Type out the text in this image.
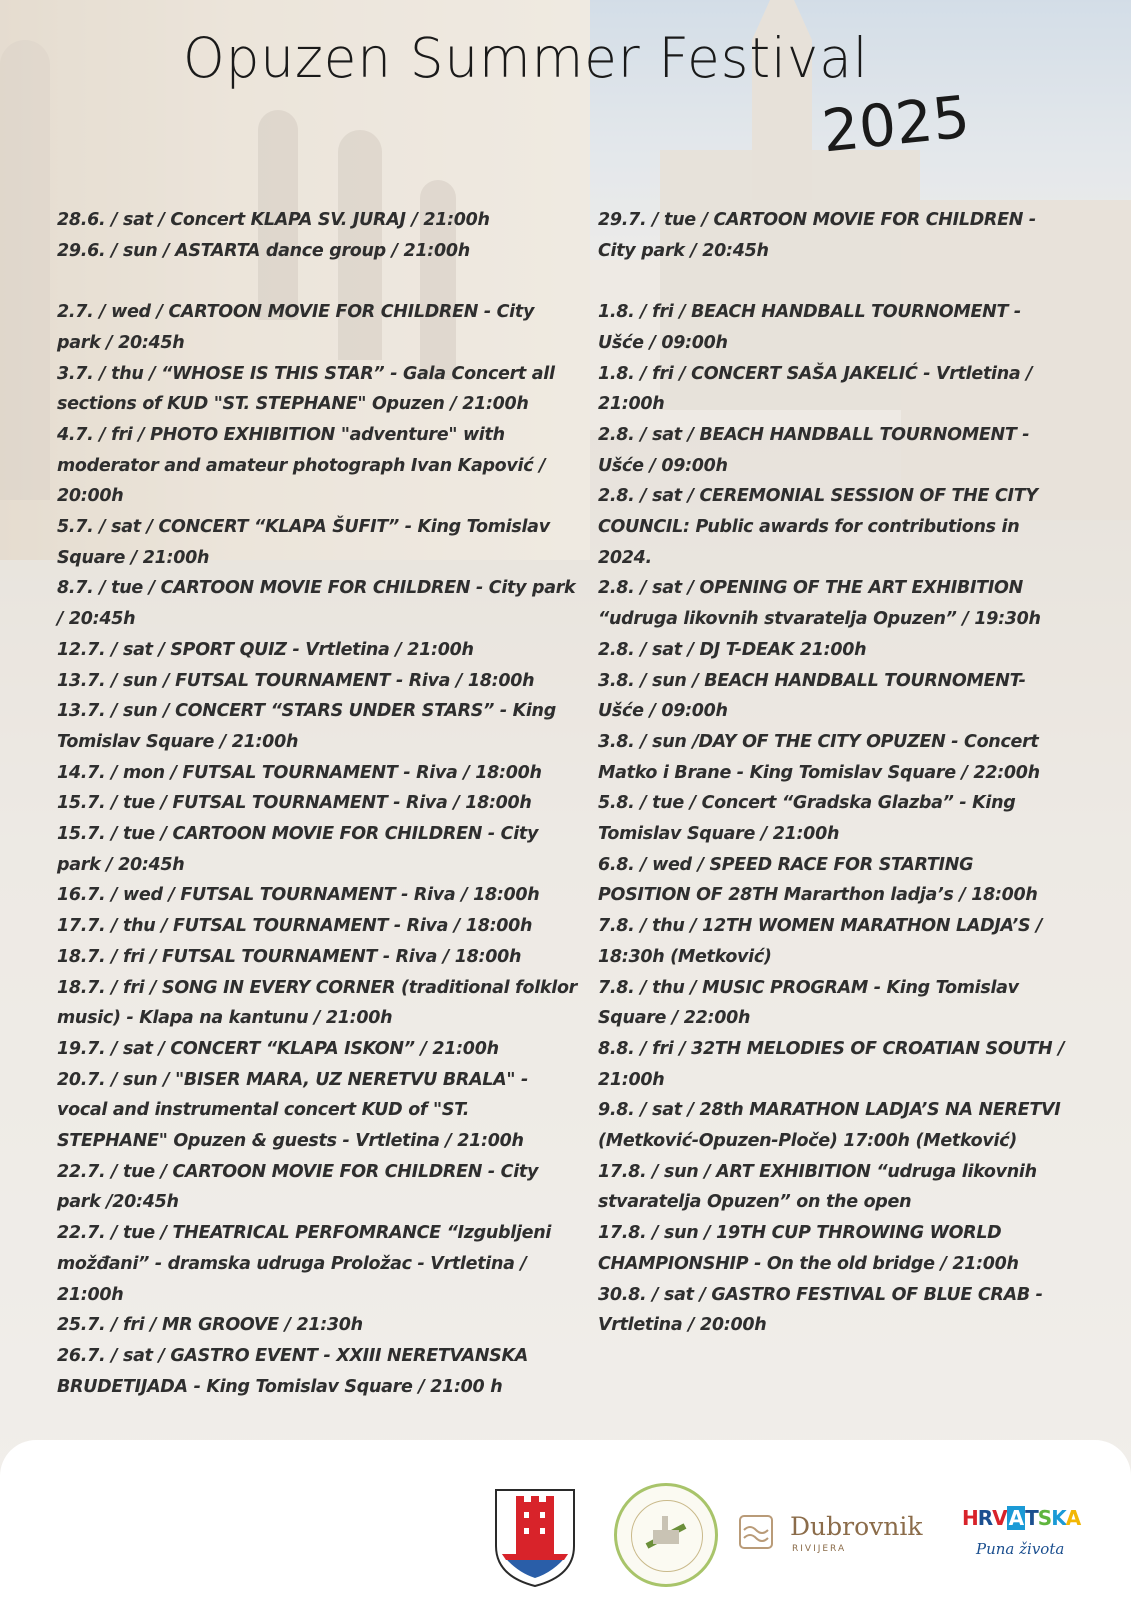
Opuzen Summer Festival
2025
28.6. / sat / Concert KLAPA SV. JURAJ / 21:00h
29.6. / sun / ASTARTA dance group / 21:00h
2.7. / wed / CARTOON MOVIE FOR CHILDREN - City park / 20:45h
3.7. / thu / “WHOSE IS THIS STAR” - Gala Concert all sections of KUD "ST. STEPHANE" Opuzen / 21:00h
4.7. / fri / PHOTO EXHIBITION "adventure" with moderator and amateur photograph Ivan Kapović / 20:00h
5.7. / sat / CONCERT “KLAPA ŠUFIT” - King Tomislav Square / 21:00h
8.7. / tue / CARTOON MOVIE FOR CHILDREN - City park / 20:45h
12.7. / sat / SPORT QUIZ - Vrtletina / 21:00h
13.7. / sun / FUTSAL TOURNAMENT - Riva / 18:00h
13.7. / sun / CONCERT “STARS UNDER STARS” - King Tomislav Square / 21:00h
14.7. / mon / FUTSAL TOURNAMENT - Riva / 18:00h
15.7. / tue / FUTSAL TOURNAMENT - Riva / 18:00h
15.7. / tue / CARTOON MOVIE FOR CHILDREN - City park / 20:45h
16.7. / wed / FUTSAL TOURNAMENT - Riva / 18:00h
17.7. / thu / FUTSAL TOURNAMENT - Riva / 18:00h
18.7. / fri / FUTSAL TOURNAMENT - Riva / 18:00h
18.7. / fri / SONG IN EVERY CORNER (traditional folklor music) - Klapa na kantunu / 21:00h
19.7. / sat / CONCERT “KLAPA ISKON” / 21:00h
20.7. / sun / "BISER MARA, UZ NERETVU BRALA" - vocal and instrumental concert KUD of "ST. STEPHANE" Opuzen & guests - Vrtletina / 21:00h
22.7. / tue / CARTOON MOVIE FOR CHILDREN - City park /20:45h
22.7. / tue / THEATRICAL PERFOMRANCE “Izgubljeni možđani” - dramska udruga Proložac - Vrtletina / 21:00h
25.7. / fri / MR GROOVE / 21:30h
26.7. / sat / GASTRO EVENT - XXIII NERETVANSKA BRUDETIJADA - King Tomislav Square / 21:00 h
29.7. / tue / CARTOON MOVIE FOR CHILDREN - City park / 20:45h
1.8. / fri / BEACH HANDBALL TOURNOMENT - Ušće / 09:00h
1.8. / fri / CONCERT SAŠA JAKELIĆ - Vrtletina / 21:00h
2.8. / sat / BEACH HANDBALL TOURNOMENT - Ušće / 09:00h
2.8. / sat / CEREMONIAL SESSION OF THE CITY COUNCIL: Public awards for contributions in 2024.
2.8. / sat / OPENING OF THE ART EXHIBITION “udruga likovnih stvaratelja Opuzen” / 19:30h
2.8. / sat / DJ T-DEAK 21:00h
3.8. / sun / BEACH HANDBALL TOURNOMENT- Ušće / 09:00h
3.8. / sun /DAY OF THE CITY OPUZEN - Concert Matko i Brane - King Tomislav Square / 22:00h
5.8. / tue / Concert “Gradska Glazba” - King Tomislav Square / 21:00h
6.8. / wed / SPEED RACE FOR STARTING POSITION OF 28TH Mararthon ladja’s / 18:00h
7.8. / thu / 12TH WOMEN MARATHON LADJA’S / 18:30h (Metković)
7.8. / thu / MUSIC PROGRAM - King Tomislav Square / 22:00h
8.8. / fri / 32TH MELODIES OF CROATIAN SOUTH / 21:00h
9.8. / sat / 28th MARATHON LADJA’S NA NERETVI (Metković-Opuzen-Ploče) 17:00h (Metković)
17.8. / sun / ART EXHIBITION “udruga likovnih stvaratelja Opuzen” on the open
17.8. / sun / 19TH CUP THROWING WORLD CHAMPIONSHIP - On the old bridge / 21:00h
30.8. / sat / GASTRO FESTIVAL OF BLUE CRAB - Vrtletina / 20:00h
Dubrovnik
RIVIJERA
HRV A TSKA
Puna života
